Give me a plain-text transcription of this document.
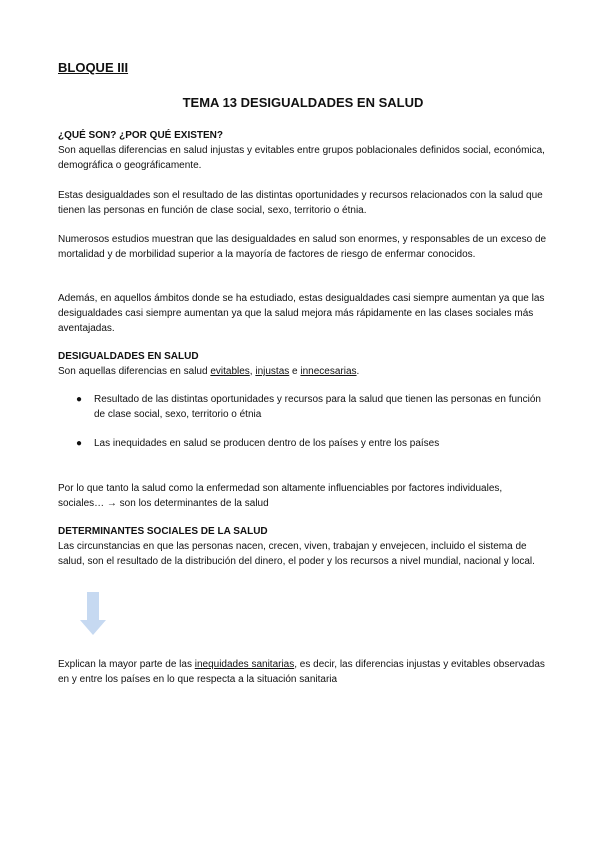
BLOQUE III

TEMA 13 DESIGUALDADES EN SALUD

¿QUÉ SON? ¿POR QUÉ EXISTEN?

Son aquellas diferencias en salud injustas y evitables entre grupos poblacionales definidos social, económica, demográfica o geográficamente.

Estas desigualdades son el resultado de las distintas oportunidades y recursos relacionados con la salud que tienen las personas en función de clase social, sexo, territorio o étnia.

Numerosos estudios muestran que las desigualdades en salud son enormes, y responsables de un exceso de mortalidad y de morbilidad superior a la mayoría de factores de riesgo de enfermar conocidos.

Además, en aquellos ámbitos donde se ha estudiado, estas desigualdades casi siempre aumentan ya que las desigualdades casi siempre aumentan ya que la salud mejora más rápidamente en las clases sociales más aventajadas.

DESIGUALDADES EN SALUD

Son aquellas diferencias en salud evitables, injustas e innecesarias.

● Resultado de las distintas oportunidades y recursos para la salud que tienen las personas en función de clase social, sexo, territorio o étnia
● Las inequidades en salud se producen dentro de los países y entre los países

Por lo que tanto la salud como la enfermedad son altamente influenciables por factores individuales, sociales… → son los determinantes de la salud

DETERMINANTES SOCIALES DE LA SALUD

Las circunstancias en que las personas nacen, crecen, viven, trabajan y envejecen, incluido el sistema de salud, son el resultado de la distribución del dinero, el poder y los recursos a nivel mundial, nacional y local.

Explican la mayor parte de las inequidades sanitarias, es decir, las diferencias injustas y evitables observadas en y entre los países en lo que respecta a la situación sanitaria
